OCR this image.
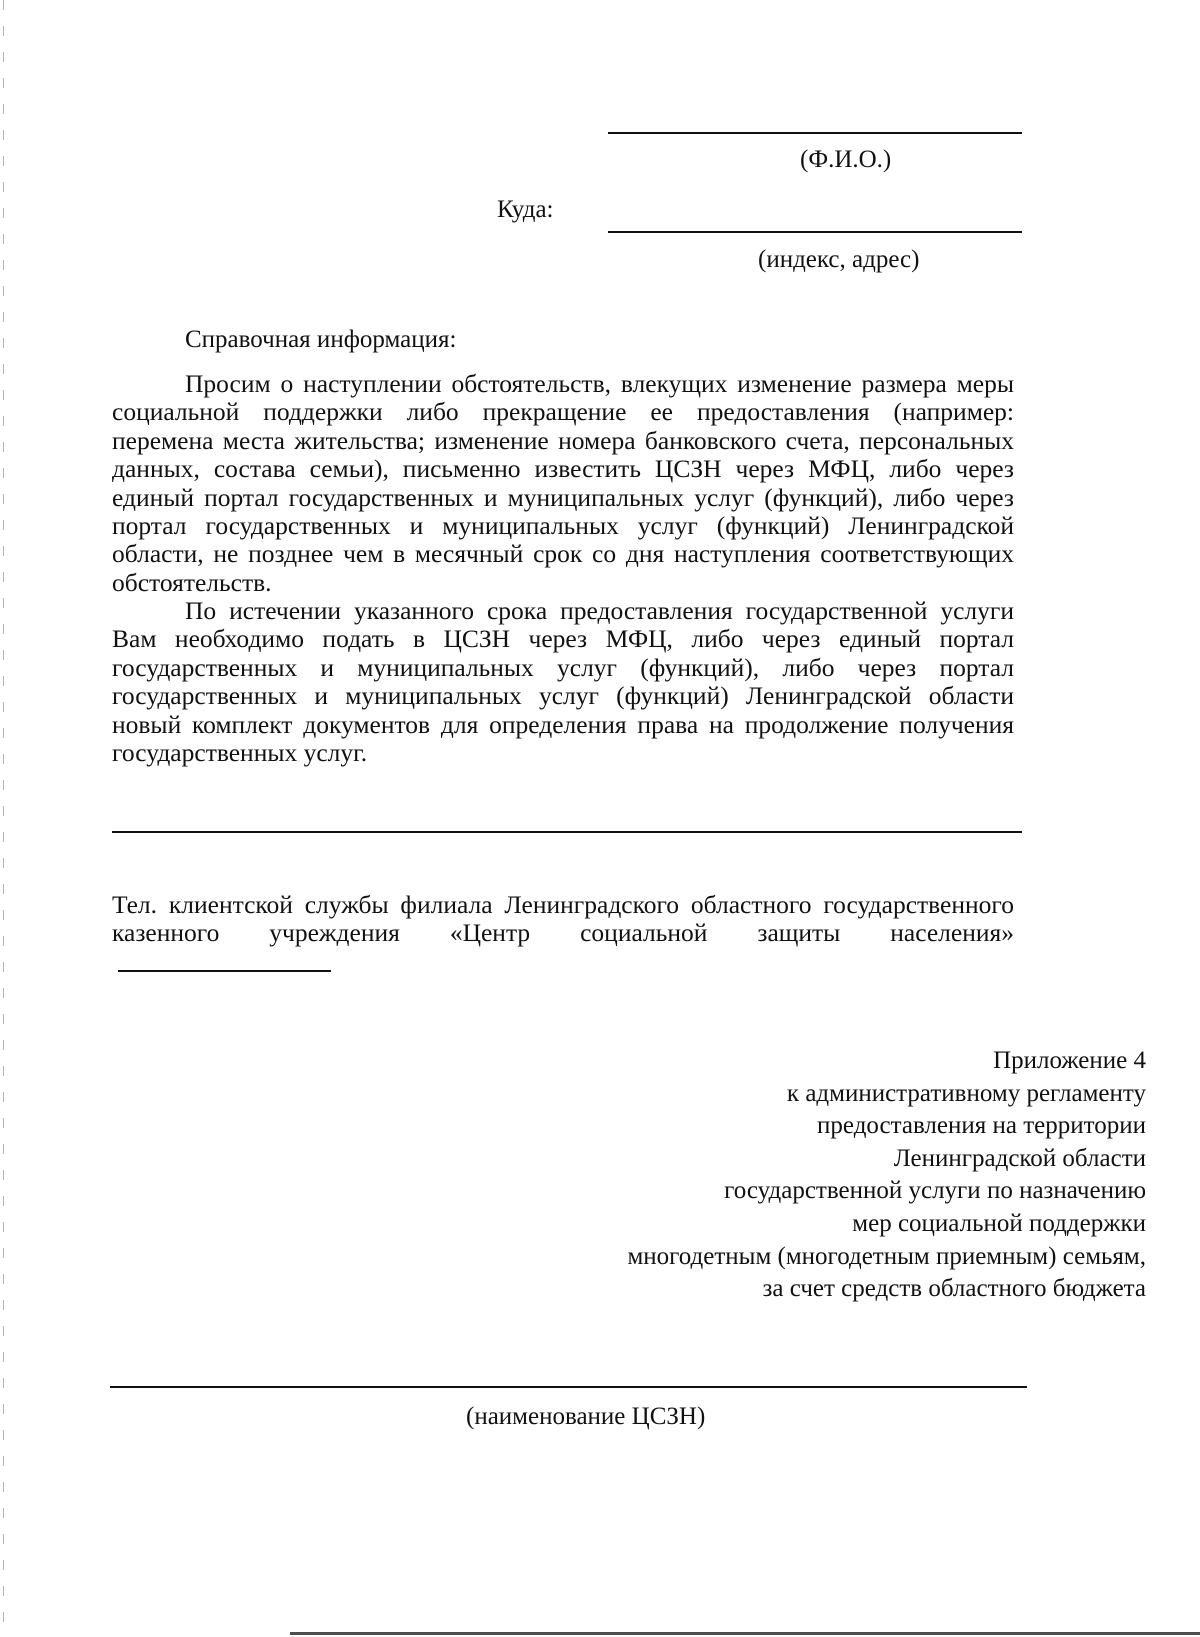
(Ф.И.О.)
Куда:
(индекс, адрес)
Справочная информация:
Просим о наступлении обстоятельств, влекущих изменение размера меры социальной поддержки либо прекращение ее предоставления (например: перемена места жительства; изменение номера банковского счета, персональных данных, состава семьи), письменно известить ЦСЗН через МФЦ, либо через единый портал государственных и муниципальных услуг (функций), либо через портал государственных и муниципальных услуг (функций) Ленинградской области, не позднее чем в месячный срок со дня наступления соответствующих обстоятельств.
По истечении указанного срока предоставления государственной услуги Вам необходимо подать в ЦСЗН через МФЦ, либо через единый портал государственных и муниципальных услуг (функций), либо через портал государственных и муниципальных услуг (функций) Ленинградской области новый комплект документов для определения права на продолжение получения государственных услуг.
Тел. клиентской службы филиала Ленинградского областного государственного казенного учреждения «Центр социальной защиты населения»
Приложение 4
к административному регламенту
предоставления на территории
Ленинградской области
государственной услуги по назначению
мер социальной поддержки
многодетным (многодетным приемным) семьям,
за счет средств областного бюджета
(наименование ЦСЗН)
